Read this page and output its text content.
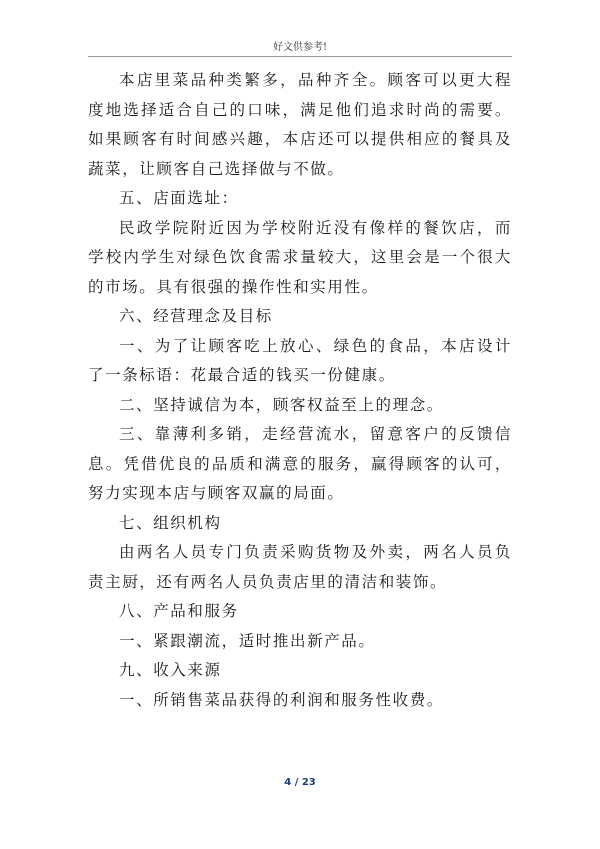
好文供参考!

本店里菜品种类繁多，品种齐全。顾客可以更大程度地选择适合自己的口味，满足他们追求时尚的需要。如果顾客有时间感兴趣，本店还可以提供相应的餐具及蔬菜，让顾客自己选择做与不做。

五、店面选址：

民政学院附近因为学校附近没有像样的餐饮店，而学校内学生对绿色饮食需求量较大，这里会是一个很大的市场。具有很强的操作性和实用性。

六、经营理念及目标

一、为了让顾客吃上放心、绿色的食品，本店设计了一条标语：花最合适的钱买一份健康。

二、坚持诚信为本，顾客权益至上的理念。

三、靠薄利多销，走经营流水，留意客户的反馈信息。凭借优良的品质和满意的服务，赢得顾客的认可，努力实现本店与顾客双赢的局面。

七、组织机构

由两名人员专门负责采购货物及外卖，两名人员负责主厨，还有两名人员负责店里的清洁和装饰。

八、产品和服务

一、紧跟潮流，适时推出新产品。

九、收入来源

一、所销售菜品获得的利润和服务性收费。

4 / 23
